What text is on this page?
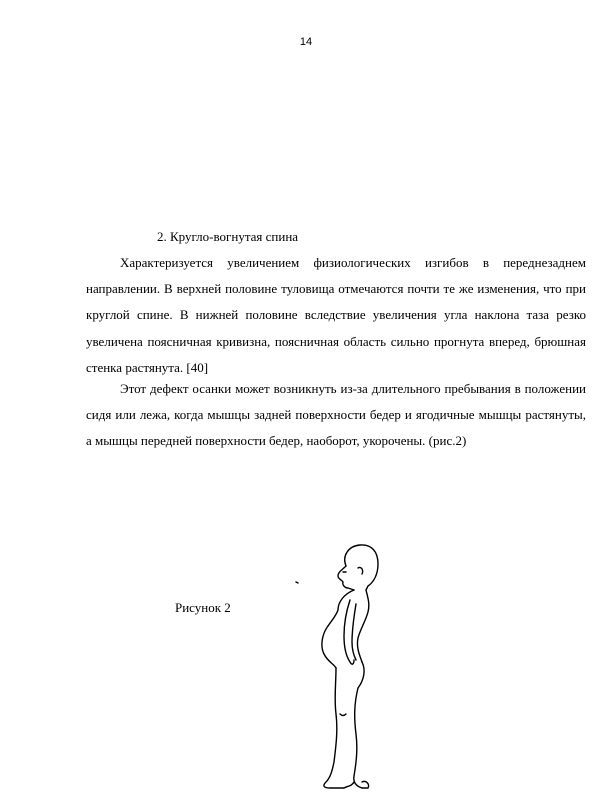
14
2. Кругло-вогнутая спина

Характеризуется увеличением физиологических изгибов в переднезаднем направлении. В верхней половине туловища отмечаются почти те же изменения, что при круглой спине. В нижней половине вследствие увеличения угла наклона таза резко увеличена поясничная кривизна, поясничная область сильно прогнута вперед, брюшная стенка растянута. [40]

Этот дефект осанки может возникнуть из-за длительного пребывания в положении сидя или лежа, когда мышцы задней поверхности бедер и ягодичные мышцы растянуты, а мышцы передней поверхности бедер, наоборот, укорочены. (рис.2)

Рисунок 2
